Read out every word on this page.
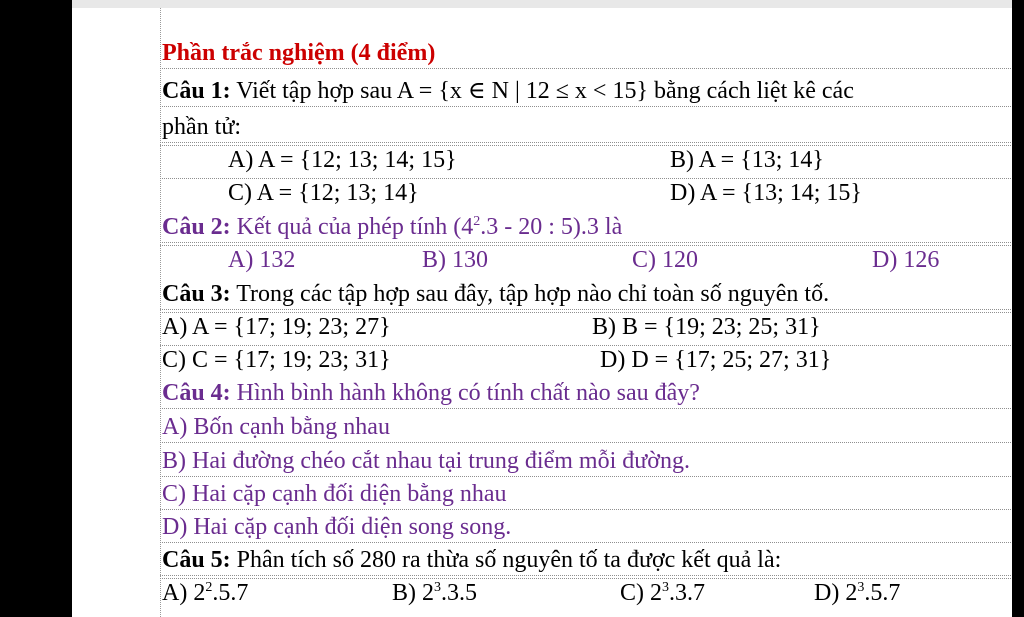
Phần trắc nghiệm (4 điểm)
Câu 1: Viết tập hợp sau A = {x ∈ N | 12 ≤ x < 15} bằng cách liệt kê các
phần tử:
A) A = {12; 13; 14; 15}	B) A = {13; 14}
C) A = {12; 13; 14}	D) A = {13; 14; 15}
Câu 2: Kết quả của phép tính ($4^2.3 - 20$ : 5).3 là
A) 132	B) 130	C) 120	D) 126
Câu 3: Trong các tập hợp sau đây, tập hợp nào chỉ toàn số nguyên tố.
A) A = {17; 19; 23; 27}	B) B = {19; 23; 25; 31}
C) C = {17; 19; 23; 31}	D) D = {17; 25; 27; 31}
Câu 4: Hình bình hành không có tính chất nào sau đây?
A) Bốn cạnh bằng nhau
B) Hai đường chéo cắt nhau tại trung điểm mỗi đường.
C) Hai cặp cạnh đối diện bằng nhau
D) Hai cặp cạnh đối diện song song.
Câu 5: Phân tích số 280 ra thừa số nguyên tố ta được kết quả là:
A) $2^2.5.7$	B) $2^3.3.5$	C) $2^3.3.7$	D) $2^3.5.7$
